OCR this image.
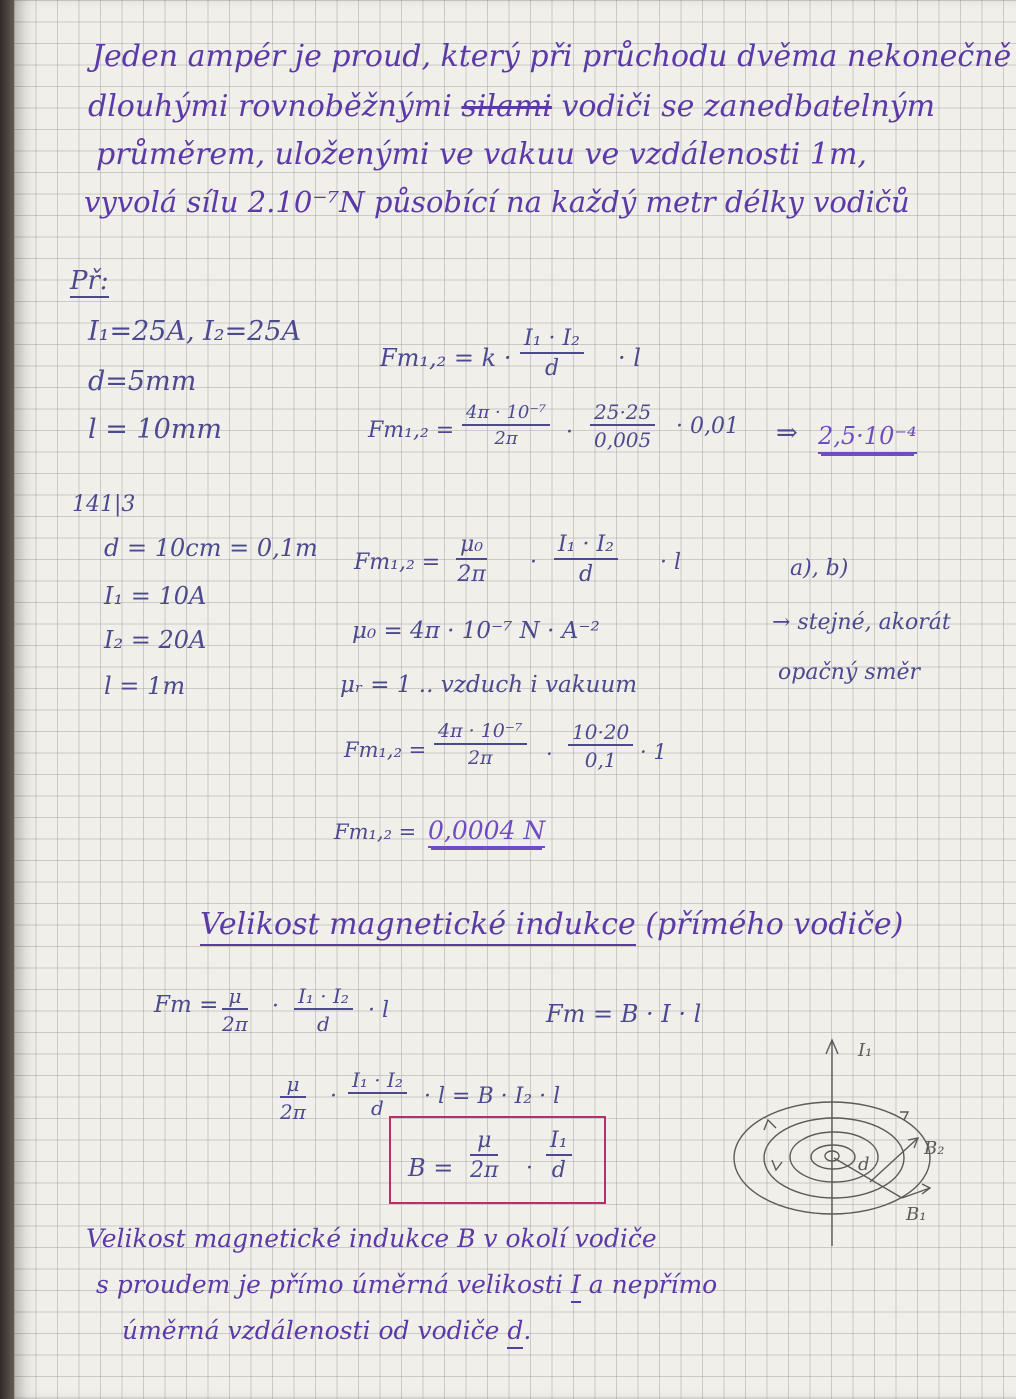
Jeden ampér je proud, který při průchodu dvěma nekonečně
dlouhými rovnoběžnými silami vodiči se zanedbatelným
průměrem, uloženými ve vakuu ve vzdálenosti 1m,
vyvolá sílu 2.10⁻⁷N působící na každý metr délky vodičů
Př:
I₁=25A, I₂=25A
d=5mm
l = 10mm
$Fm_1,_2 = k \cdot \frac{\text{I₁ · I₂}}{d} \cdot l$
$Fm_1,_2 = \frac{\text{4π · 10⁻⁷}}{2\pi} \cdot \frac{25\cdot 25}{0,005} \cdot 0,01$ ⇒ 2,5·10⁻⁴
141|3
d = 10cm = 0,1m
I₁ = 10A
I₂ = 20A
l = 1m
$Fm_1,_2 = \frac{\text{μ₀}}{2\pi} \cdot \frac{\text{I₁ · I₂}}{d} \cdot l$
μ₀ = 4π · 10⁻⁷ N · A⁻²
μᵣ = 1 .. vzduch i vakuum
$Fm_1,_2 = \frac{\text{4π · 10⁻⁷}}{2\pi} \cdot \frac{10\cdot 20}{0,1} \cdot 1$
Fm₁,₂ = 0,0004 N
a), b)
→ stejné, akorát
opačný směr
Velikost magnetické indukce (přímého vodiče)
$Fm = \frac{\mu}{2\pi} \cdot \frac{\text{I₁ · I₂}}{d} \cdot l$	Fm = B · I · l
$\frac{\mu}{2\pi} \cdot \frac{\text{I₁ · I₂}}{d} \cdot l = B \cdot I_2 \cdot l$
$B = \frac{\mu}{2\pi} \cdot \frac{\text{I₁}}{d}$
I₁
B₂
B₁
d
Velikost magnetické indukce B v okolí vodiče
s proudem je přímo úměrná velikosti I a nepřímo
úměrná vzdálenosti od vodiče d.
